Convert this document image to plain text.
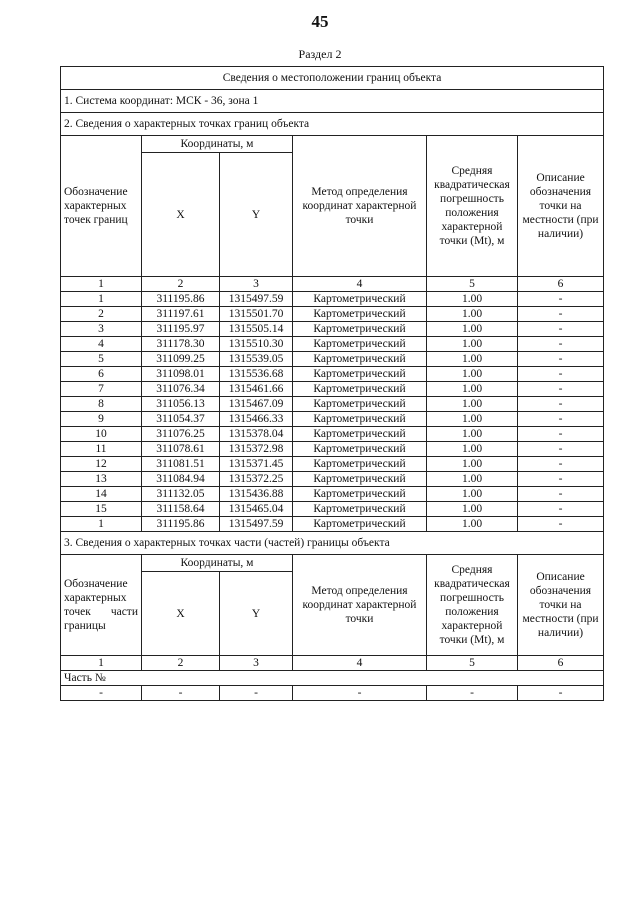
45
Раздел 2
Сведения о местоположении границ объекта					
1. Система координат: МСК - 36, зона 1					
2. Сведения о характерных точках границ объекта					
Обозначение характерных точек границ	Координаты, м		Метод определения координат характерной точки	Средняя квадратическая погрешность положения характерной точки (Mt), м	Описание обозначения точки на местности (при наличии)
	X	Y			
1	2	3	4	5	6
1	311195.86	1315497.59	Картометрический	1.00	-
2	311197.61	1315501.70	Картометрический	1.00	-
3	311195.97	1315505.14	Картометрический	1.00	-
4	311178.30	1315510.30	Картометрический	1.00	-
5	311099.25	1315539.05	Картометрический	1.00	-
6	311098.01	1315536.68	Картометрический	1.00	-
7	311076.34	1315461.66	Картометрический	1.00	-
8	311056.13	1315467.09	Картометрический	1.00	-
9	311054.37	1315466.33	Картометрический	1.00	-
10	311076.25	1315378.04	Картометрический	1.00	-
11	311078.61	1315372.98	Картометрический	1.00	-
12	311081.51	1315371.45	Картометрический	1.00	-
13	311084.94	1315372.25	Картометрический	1.00	-
14	311132.05	1315436.88	Картометрический	1.00	-
15	311158.64	1315465.04	Картометрический	1.00	-
1	311195.86	1315497.59	Картометрический	1.00	-
3. Сведения о характерных точках части (частей) границы объекта					
Обозначение характерных точек части границы	Координаты, м		Метод определения координат характерной точки	Средняя квадратическая погрешность положения характерной точки (Mt), м	Описание обозначения точки на местности (при наличии)
	X	Y			
1	2	3	4	5	6
Часть №					
-	-	-	-	-	-
